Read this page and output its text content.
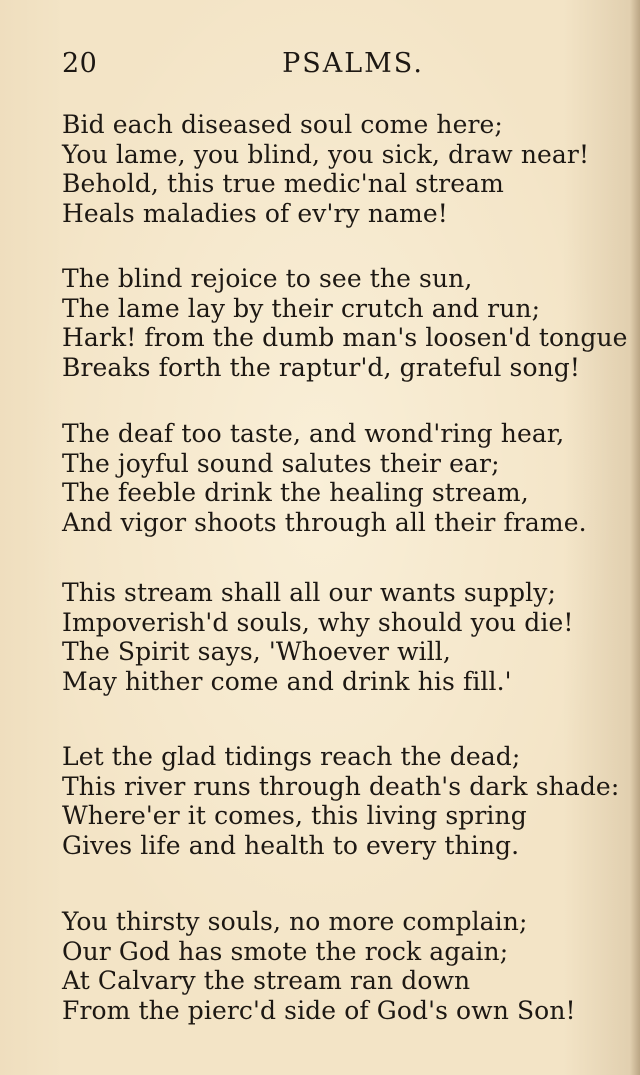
20	PSALMS.
Bid each diseased soul come here;
You lame, you blind, you sick, draw near!
Behold, this true medic'nal stream
Heals maladies of ev'ry name!
The blind rejoice to see the sun,
The lame lay by their crutch and run;
Hark! from the dumb man's loosen'd tongue
Breaks forth the raptur'd, grateful song!
The deaf too taste, and wond'ring hear,
The joyful sound salutes their ear;
The feeble drink the healing stream,
And vigor shoots through all their frame.
This stream shall all our wants supply;
Impoverish'd souls, why should you die!
The Spirit says, 'Whoever will,
May hither come and drink his fill.'
Let the glad tidings reach the dead;
This river runs through death's dark shade:
Where'er it comes, this living spring
Gives life and health to every thing.
You thirsty souls, no more complain;
Our God has smote the rock again;
At Calvary the stream ran down
From the pierc'd side of God's own Son!
